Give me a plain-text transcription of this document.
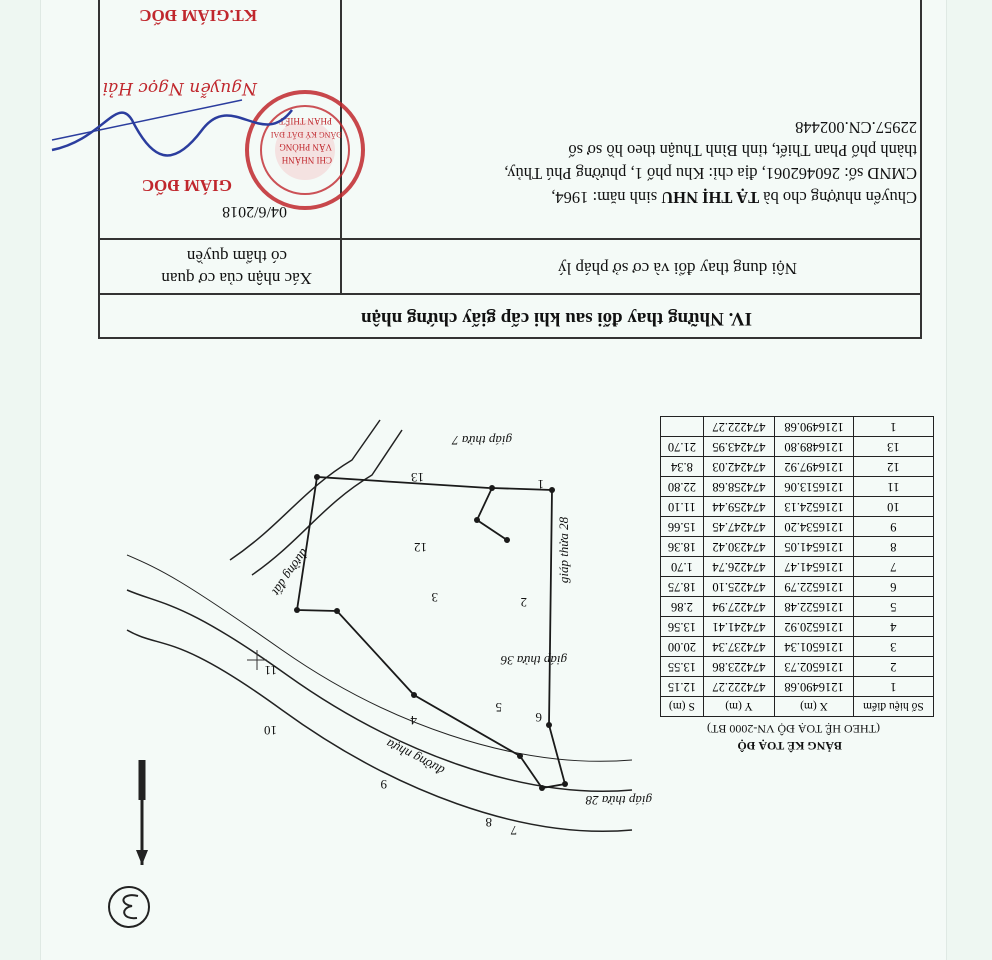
IV. Những thay đổi sau khi cấp giấy chứng nhận
Nội dung thay đổi và cơ sở pháp lý
Xác nhận của cơ quan
có thẩm quyền
Chuyển nhượng cho bà TẠ THỊ NHU sinh năm: 1964,
CMND số: 260462061, địa chỉ: Khu phố 1, phường Phú Thủy,
thành phố Phan Thiết, tỉnh Bình Thuận theo hồ sơ số
22957.CN.002448
04/6/2018
GIÁM ĐỐC
KT.GIÁM ĐỐC
Nguyễn Ngọc Hải
CHI NHÁNH
VĂN PHÒNG
ĐĂNG KÝ ĐẤT ĐAI
PHAN THIẾT
BẢNG KÊ TOẠ ĐỘ
(THEO HỆ TOẠ ĐỘ VN-2000 BT)
Số hiệu điểm	X (m)	Y (m)	S (m)
1	1216490.68	474222.27	12.15
2	1216502.73	474223.86	13.55
3	1216501.34	474237.34	20.00
4	1216520.92	474241.41	13.56
5	1216522.48	474227.94	2.86
6	1216522.79	474225.10	18.75
7	1216541.47	474226.74	1.70
8	1216541.05	474230.42	18.36
9	1216534.20	474247.45	15.66
10	1216524.13	474259.44	11.10
11	1216513.06	474258.68	22.80
12	1216497.92	474242.03	8.34
13	1216489.80	474243.95	21.70
1	1216490.68	474222.27	
đường nhựa
đường đất
giáp thửa 7
giáp thửa 28
giáp thửa 36
giáp thửa 28
1
2
3
4
5
6
7
8
9
10
11
12
13
